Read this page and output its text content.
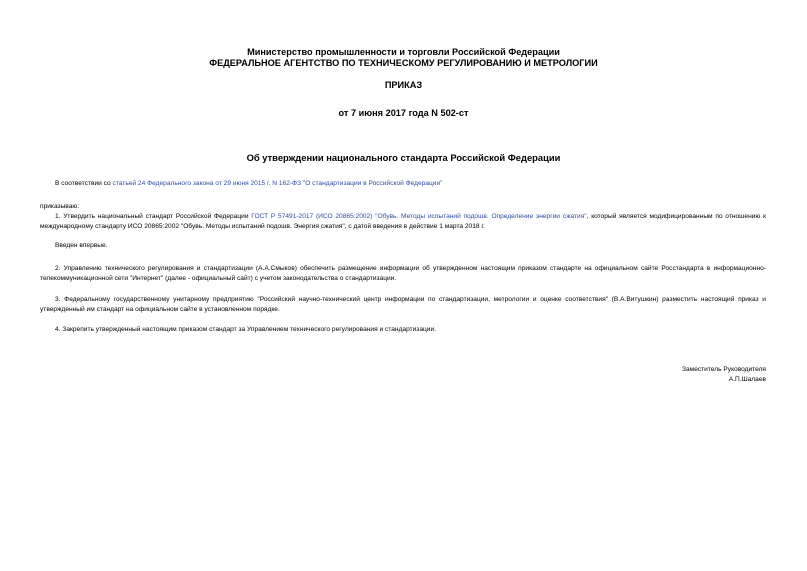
Министерство промышленности и торговли Российской Федерации
ФЕДЕРАЛЬНОЕ АГЕНТСТВО ПО ТЕХНИЧЕСКОМУ РЕГУЛИРОВАНИЮ И МЕТРОЛОГИИ
ПРИКАЗ
от 7 июня 2017 года N 502-ст
Об утверждении национального стандарта Российской Федерации
В соответствии со статьей 24 Федерального закона от 29 июня 2015 г. N 162-ФЗ "О стандартизации в Российской Федерации"
приказываю:
1. Утвердить национальный стандарт Российской Федерации ГОСТ Р 57491-2017 (ИСО 20865:2002) "Обувь. Методы испытаний подошв. Определение энергии сжатия", который является модифицированным по отношению к международному стандарту ИСО 20865:2002 "Обувь. Методы испытаний подошв. Энергия сжатия", с датой введения в действие 1 марта 2018 г.
Введен впервые.
2. Управлению технического регулирования и стандартизации (А.А.Смыков) обеспечить размещение информации об утвержденном настоящим приказом стандарте на официальном сайте Росстандарта в информационно-телекоммуникационной сети "Интернет" (далее - официальный сайт) с учетом законодательства о стандартизации.
3. Федеральному государственному унитарному предприятию "Российский научно-технический центр информации по стандартизации, метрологии и оценке соответствия" (В.А.Витушкин) разместить настоящий приказ и утвержденный им стандарт на официальном сайте в установленном порядке.
4. Закрепить утвержденный настоящим приказом стандарт за Управлением технического регулирования и стандартизации.
Заместитель Руководителя
А.П.Шалаев
